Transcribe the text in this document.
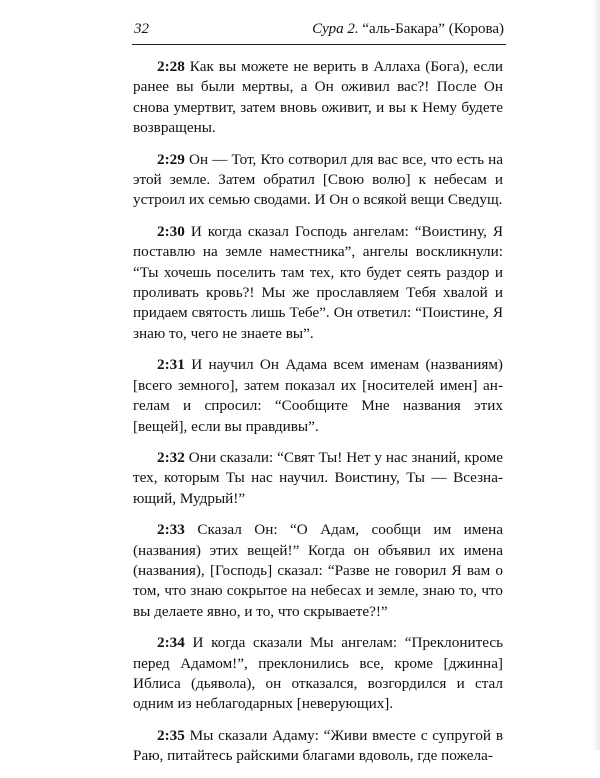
32	Сура 2. “аль-Бакара” (Корова)

2:28 Как вы можете не верить в Аллаха (Бога), если ранее вы были мертвы, а Он оживил вас?! После Он снова умертвит, затем вновь оживит, и вы к Нему будете возвращены.

2:29 Он — Тот, Кто сотворил для вас все, что есть на этой земле. Затем обратил [Свою волю] к небесам и устроил их семью сводами. И Он о всякой вещи Сведущ.

2:30 И когда сказал Господь ангелам: “Воистину, Я поставлю на земле наместника”, ангелы воскликнули: “Ты хочешь поселить там тех, кто будет сеять раздор и прoливать кровь?! Мы же прославляем Тебя хвалой и придаем святость лишь Тебе”. Он ответил: “Поистине, Я знаю то, чего не знаете вы”.

2:31 И научил Он Адама всем именам (названиям) [всего земного], затем показал их [носителей имен] ангелам и спросил: “Сообщите Мне названия этих [вещей], если вы правдивы”.

2:32 Они сказали: “Свят Ты! Нет у нас знаний, кроме тех, которым Ты нас научил. Воистину, Ты — Всезнающий, Мудрый!”

2:33 Сказал Он: “О Адам, сообщи им имена (названия) этих вещей!” Когда он объявил их имена (названия), [Господь] сказал: “Разве не говорил Я вам о том, что знаю сокрытое на небесах и земле, знаю то, что вы делаете явно, и то, что скрываете?!”

2:34 И когда сказали Мы ангелам: “Преклонитесь перед Адамом!”, преклонились все, кроме [джинна] Иблиса (дьявола), он отказался, возгордился и стал одним из неблагодарных [неверующих].

2:35 Мы сказали Адаму: “Живи вместе с супругой в Раю, питайтесь райскими благами вдоволь, где пожела-
